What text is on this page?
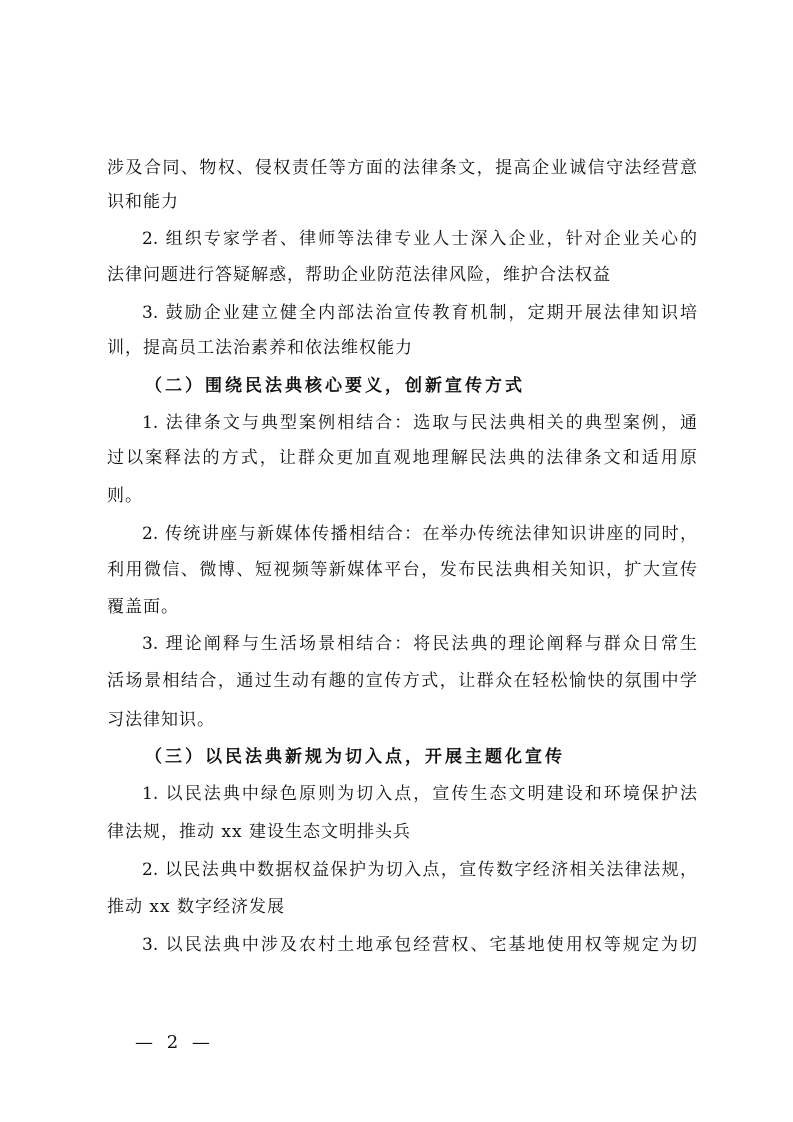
涉及合同、物权、侵权责任等方面的法律条文，提高企业诚信守法经营意
识和能力
2. 组织专家学者、律师等法律专业人士深入企业，针对企业关心的
法律问题进行答疑解惑，帮助企业防范法律风险，维护合法权益
3. 鼓励企业建立健全内部法治宣传教育机制，定期开展法律知识培
训，提高员工法治素养和依法维权能力
（二）围绕民法典核心要义，创新宣传方式
1. 法律条文与典型案例相结合：选取与民法典相关的典型案例，通
过以案释法的方式，让群众更加直观地理解民法典的法律条文和适用原
则。
2. 传统讲座与新媒体传播相结合：在举办传统法律知识讲座的同时，
利用微信、微博、短视频等新媒体平台，发布民法典相关知识，扩大宣传
覆盖面。
3. 理论阐释与生活场景相结合：将民法典的理论阐释与群众日常生
活场景相结合，通过生动有趣的宣传方式，让群众在轻松愉快的氛围中学
习法律知识。
（三）以民法典新规为切入点，开展主题化宣传
1. 以民法典中绿色原则为切入点，宣传生态文明建设和环境保护法
律法规，推动 xx 建设生态文明排头兵
2. 以民法典中数据权益保护为切入点，宣传数字经济相关法律法规，
推动 xx 数字经济发展
3. 以民法典中涉及农村土地承包经营权、宅基地使用权等规定为切
— 2 —
